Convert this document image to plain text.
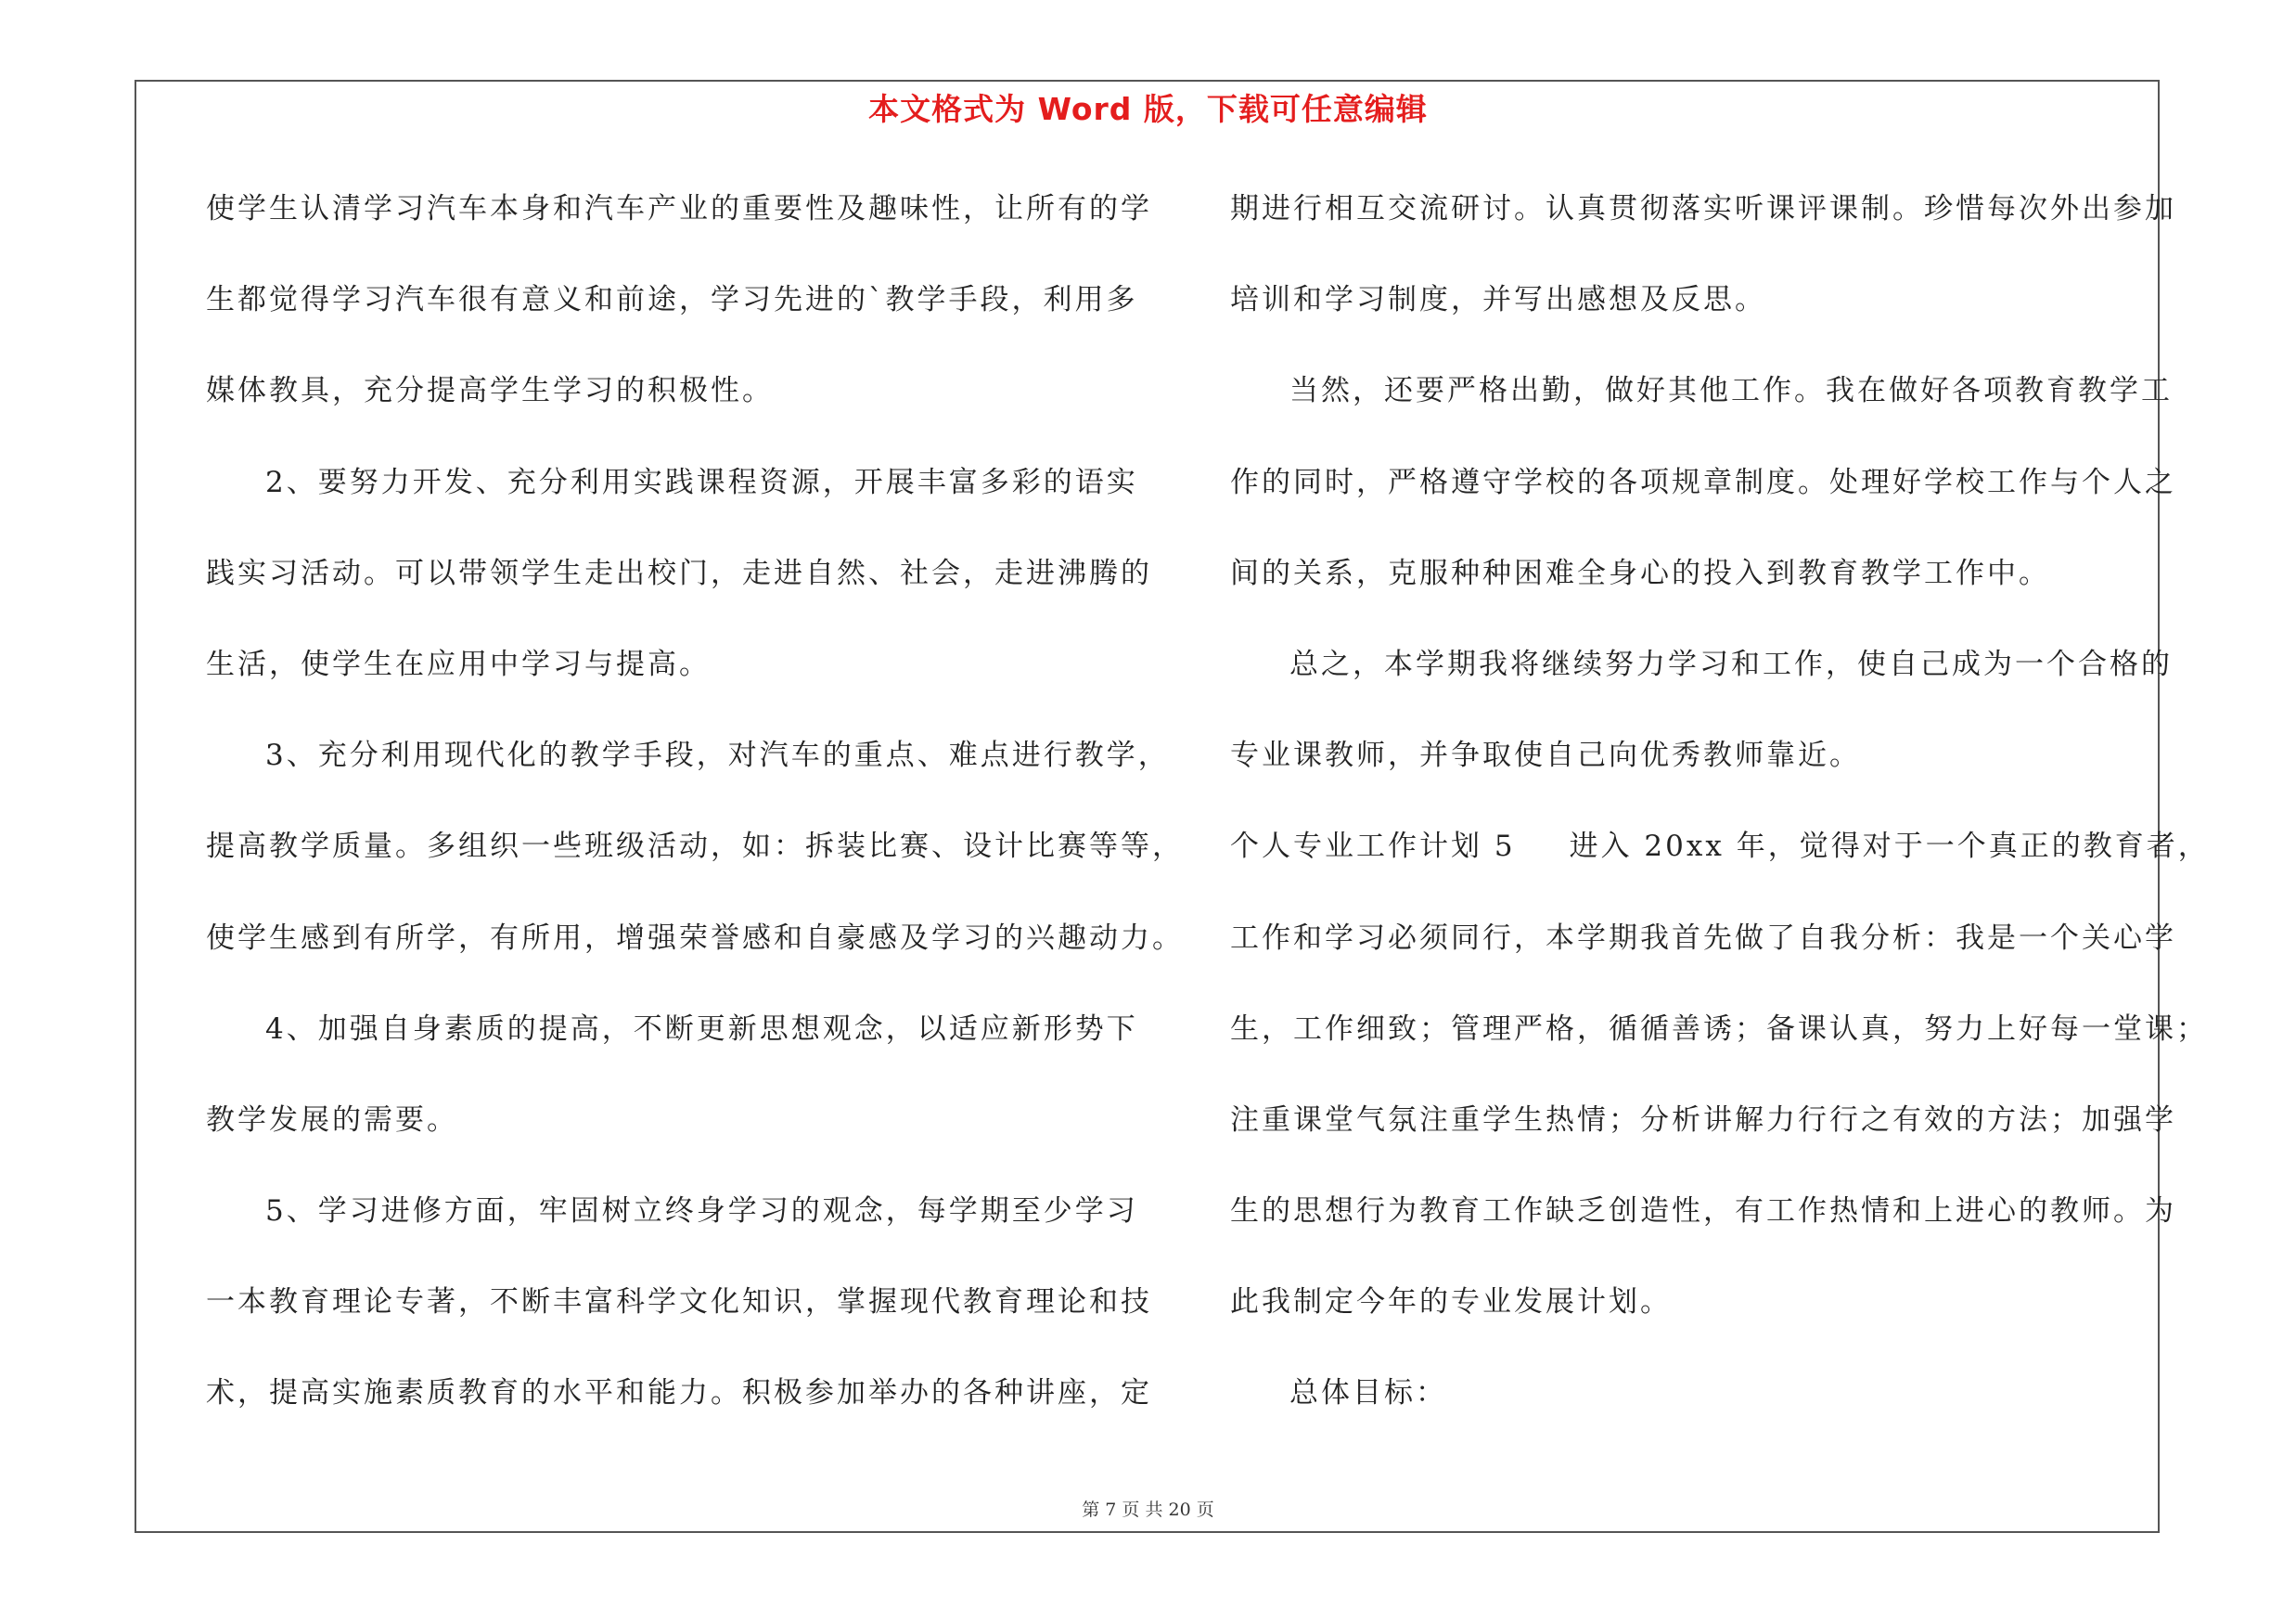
本文格式为 Word 版，下载可任意编辑
使学生认清学习汽车本身和汽车产业的重要性及趣味性，让所有的学
生都觉得学习汽车很有意义和前途，学习先进的`教学手段，利用多
媒体教具，充分提高学生学习的积极性。
2、要努力开发、充分利用实践课程资源，开展丰富多彩的语实
践实习活动。可以带领学生走出校门，走进自然、社会，走进沸腾的
生活，使学生在应用中学习与提高。
3、充分利用现代化的教学手段，对汽车的重点、难点进行教学，
提高教学质量。多组织一些班级活动，如：拆装比赛、设计比赛等等，
使学生感到有所学，有所用，增强荣誉感和自豪感及学习的兴趣动力。
4、加强自身素质的提高，不断更新思想观念，以适应新形势下
教学发展的需要。
5、学习进修方面，牢固树立终身学习的观念，每学期至少学习
一本教育理论专著，不断丰富科学文化知识，掌握现代教育理论和技
术，提高实施素质教育的水平和能力。积极参加举办的各种讲座，定
期进行相互交流研讨。认真贯彻落实听课评课制。珍惜每次外出参加
培训和学习制度，并写出感想及反思。
当然，还要严格出勤，做好其他工作。我在做好各项教育教学工
作的同时，严格遵守学校的各项规章制度。处理好学校工作与个人之
间的关系，克服种种困难全身心的投入到教育教学工作中。
总之，本学期我将继续努力学习和工作，使自己成为一个合格的
专业课教师，并争取使自己向优秀教师靠近。
个人专业工作计划 5 进入 20xx 年，觉得对于一个真正的教育者，
工作和学习必须同行，本学期我首先做了自我分析：我是一个关心学
生，工作细致；管理严格，循循善诱；备课认真，努力上好每一堂课；
注重课堂气氛注重学生热情；分析讲解力行行之有效的方法；加强学
生的思想行为教育工作缺乏创造性，有工作热情和上进心的教师。为
此我制定今年的专业发展计划。
总体目标：
第 7 页 共 20 页
